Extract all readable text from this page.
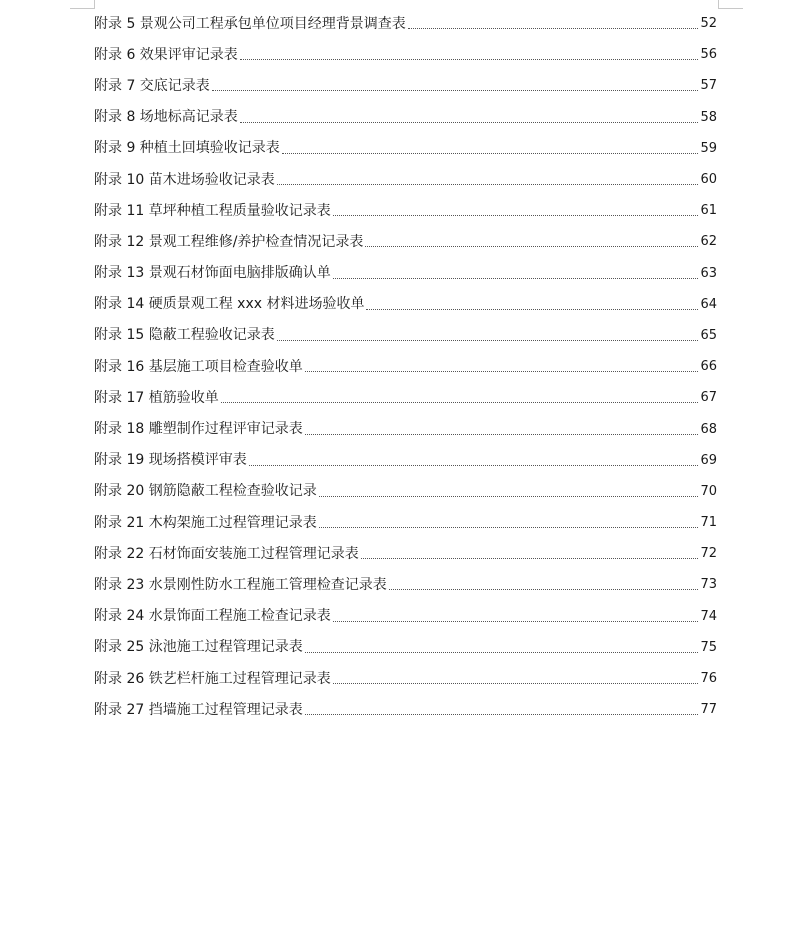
附录 5 景观公司工程承包单位项目经理背景调查表	52
附录 6 效果评审记录表	56
附录 7 交底记录表	57
附录 8 场地标高记录表	58
附录 9 种植土回填验收记录表	59
附录 10 苗木进场验收记录表	60
附录 11 草坪种植工程质量验收记录表	61
附录 12 景观工程维修/养护检查情况记录表	62
附录 13 景观石材饰面电脑排版确认单	63
附录 14 硬质景观工程 xxx 材料进场验收单	64
附录 15 隐蔽工程验收记录表	65
附录 16 基层施工项目检查验收单	66
附录 17 植筋验收单	67
附录 18 雕塑制作过程评审记录表	68
附录 19 现场搭模评审表	69
附录 20 钢筋隐蔽工程检查验收记录	70
附录 21 木构架施工过程管理记录表	71
附录 22 石材饰面安装施工过程管理记录表	72
附录 23 水景刚性防水工程施工管理检查记录表	73
附录 24 水景饰面工程施工检查记录表	74
附录 25 泳池施工过程管理记录表	75
附录 26 铁艺栏杆施工过程管理记录表	76
附录 27 挡墙施工过程管理记录表	77
